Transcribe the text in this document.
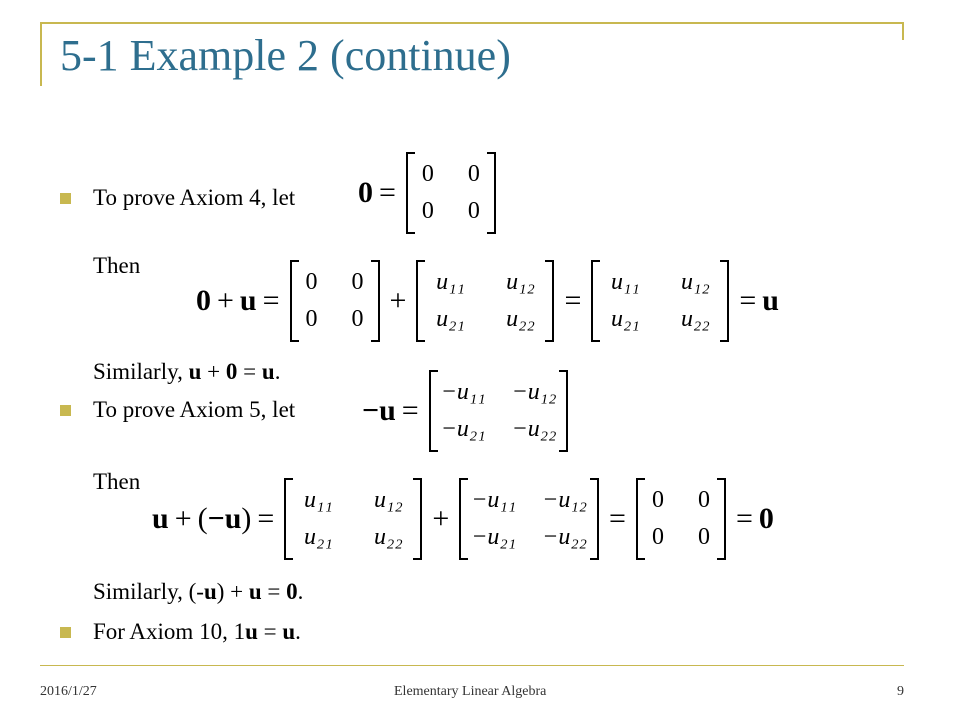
5-1 Example 2 (continue)
To prove Axiom 4, let 0 =
0 0
0 0
Then
0 + u =
0 0
0 0
+
u₁₁	u₁₂
u₂₁	u₂₂
=
u₁₁	u₁₂
u₂₁	u₂₂
= u
Similarly, u + 0 = u.
To prove Axiom 5, let −u =
−u₁₁ −u₁₂
−u₂₁ −u₂₂
Then
u + ( −u ) =
u₁₁	u₁₂
u₂₁	u₂₂
+
−u₁₁ −u₁₂
−u₂₁ −u₂₂
=
0 0
0 0
= 0
Similarly, (-u) + u = 0.
For Axiom 10, 1u = u.
2016/1/27	Elementary Linear Algebra	9
